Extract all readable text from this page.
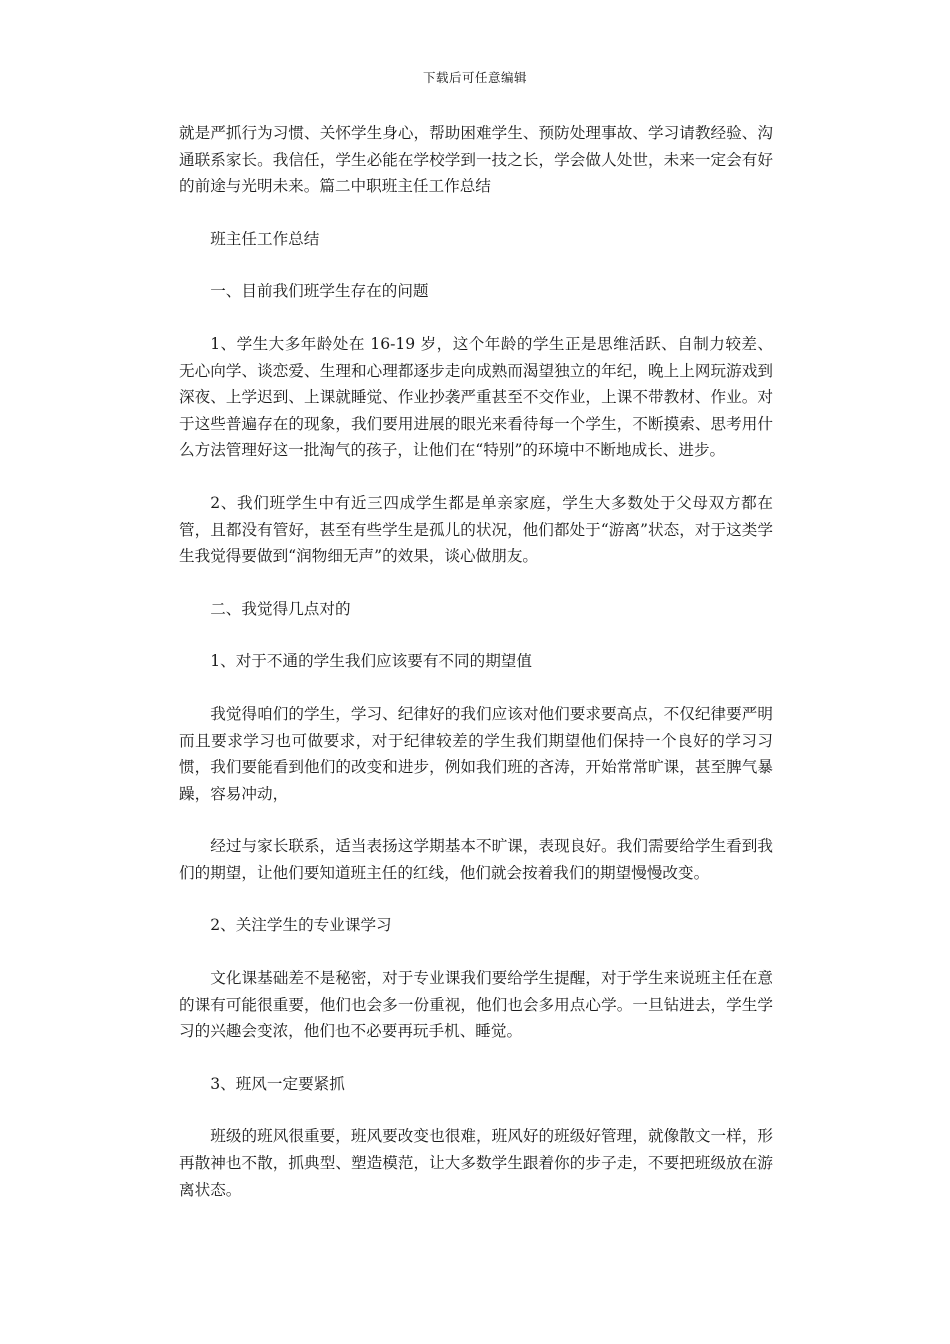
下载后可任意编辑

就是严抓行为习惯、关怀学生身心，帮助困难学生、预防处理事故、学习请教经验、沟通联系家长。我信任，学生必能在学校学到一技之长，学会做人处世，未来一定会有好的前途与光明未来。篇二中职班主任工作总结

班主任工作总结

一、目前我们班学生存在的问题

1、学生大多年龄处在 16-19 岁，这个年龄的学生正是思维活跃、自制力较差、无心向学、谈恋爱、生理和心理都逐步走向成熟而渴望独立的年纪，晚上上网玩游戏到深夜、上学迟到、上课就睡觉、作业抄袭严重甚至不交作业，上课不带教材、作业。对于这些普遍存在的现象，我们要用进展的眼光来看待每一个学生，不断摸索、思考用什么方法管理好这一批淘气的孩子，让他们在“特别”的环境中不断地成长、进步。

2、我们班学生中有近三四成学生都是单亲家庭，学生大多数处于父母双方都在管，且都没有管好，甚至有些学生是孤儿的状况，他们都处于“游离”状态，对于这类学生我觉得要做到“润物细无声”的效果，谈心做朋友。

二、我觉得几点对的

1、对于不通的学生我们应该要有不同的期望值

我觉得咱们的学生，学习、纪律好的我们应该对他们要求要高点，不仅纪律要严明而且要求学习也可做要求，对于纪律较差的学生我们期望他们保持一个良好的学习习惯，我们要能看到他们的改变和进步，例如我们班的吝涛，开始常常旷课，甚至脾气暴躁，容易冲动，

经过与家长联系，适当表扬这学期基本不旷课，表现良好。我们需要给学生看到我们的期望，让他们要知道班主任的红线，他们就会按着我们的期望慢慢改变。

2、关注学生的专业课学习

文化课基础差不是秘密，对于专业课我们要给学生提醒，对于学生来说班主任在意的课有可能很重要，他们也会多一份重视，他们也会多用点心学。一旦钻进去，学生学习的兴趣会变浓，他们也不必要再玩手机、睡觉。

3、班风一定要紧抓

班级的班风很重要，班风要改变也很难，班风好的班级好管理，就像散文一样，形再散神也不散，抓典型、塑造模范，让大多数学生跟着你的步子走，不要把班级放在游离状态。
